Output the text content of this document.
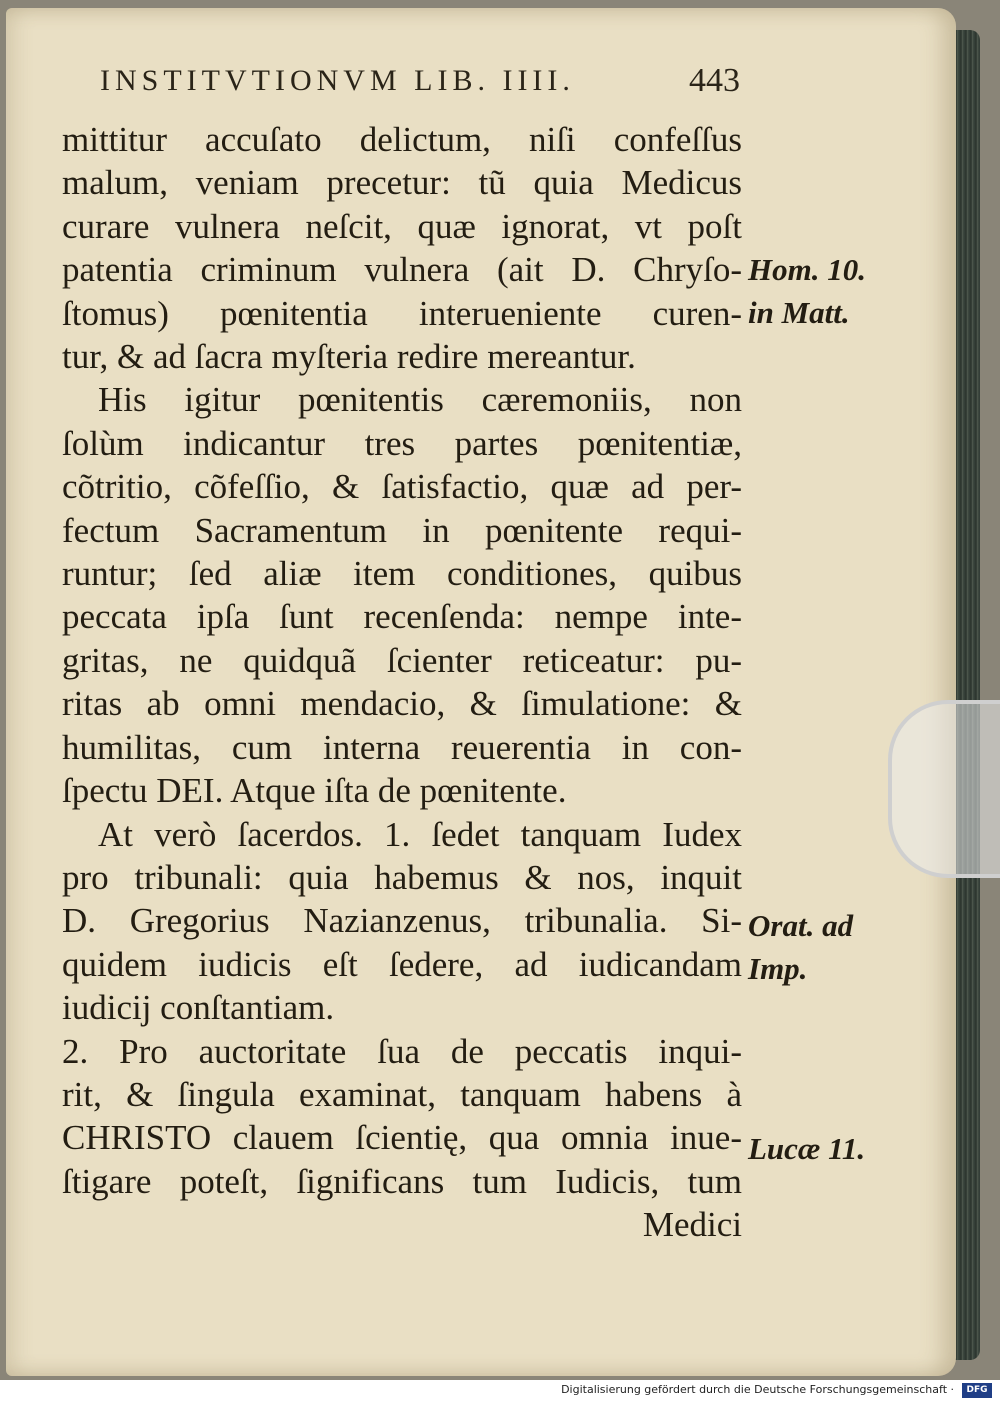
INSTITVTIONVM LIB. IIII.	443
mittitur accuſato delictum, niſi confeſſus
malum, veniam precetur: tũ quia Medicus
curare vulnera neſcit, quæ ignorat, vt poſt
patentia criminum vulnera (ait D. Chryſo-
ſtomus) pœnitentia interueniente curen-
tur, & ad ſacra myſteria redire mereantur.
His igitur pœnitentis cæremoniis, non
ſolùm indicantur tres partes pœnitentiæ,
cõtritio, cõfeſſio, & ſatisfactio, quæ ad per-
fectum Sacramentum in pœnitente requi-
runtur; ſed aliæ item conditiones, quibus
peccata ipſa ſunt recenſenda: nempe inte-
gritas, ne quidquã ſcienter reticeatur: pu-
ritas ab omni mendacio, & ſimulatione: &
humilitas, cum interna reuerentia in con-
ſpectu DEI. Atque iſta de pœnitente.
At verò ſacerdos. 1. ſedet tanquam Iudex
pro tribunali: quia habemus & nos, inquit
D. Gregorius Nazianzenus, tribunalia. Si-
quidem iudicis eſt ſedere, ad iudicandam
iudicij conſtantiam.
2. Pro auctoritate ſua de peccatis inqui-
rit, & ſingula examinat, tanquam habens à
CHRISTO clauem ſcientię, qua omnia inue-
ſtigare poteſt, ſignificans tum Iudicis, tum
Medici
Hom. 10.
in Matt.
Orat. ad
Imp.
Lucæ 11.
Digitalisierung gefördert durch die Deutsche Forschungsgemeinschaft ·	DFG
